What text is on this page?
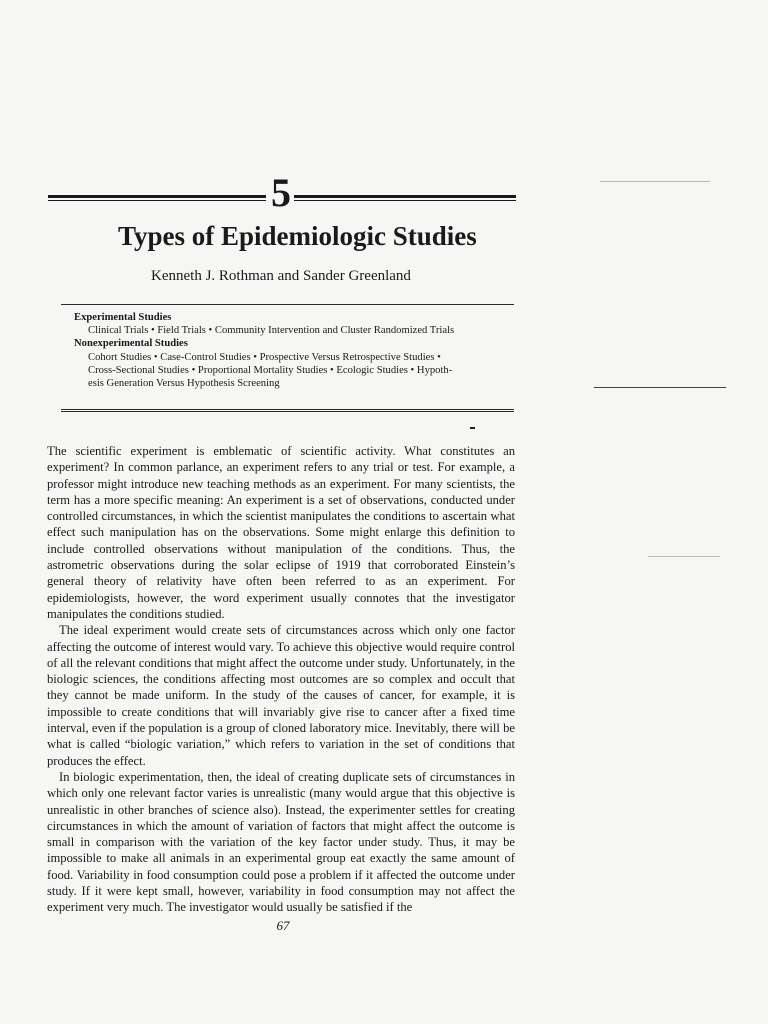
5
Types of Epidemiologic Studies
Kenneth J. Rothman and Sander Greenland
Experimental Studies
Clinical Trials • Field Trials • Community Intervention and Cluster Randomized Trials
Nonexperimental Studies
Cohort Studies • Case-Control Studies • Prospective Versus Retrospective Studies •
Cross-Sectional Studies • Proportional Mortality Studies • Ecologic Studies • Hypoth-
esis Generation Versus Hypothesis Screening

The scientific experiment is emblematic of scientific activity. What constitutes an experiment? In common parlance, an experiment refers to any trial or test. For example, a professor might introduce new teaching methods as an experiment. For many scientists, the term has a more specific meaning: An experiment is a set of observations, conducted under controlled circumstances, in which the scientist manipulates the conditions to ascertain what effect such manipulation has on the observations. Some might enlarge this definition to include controlled observations without manipulation of the conditions. Thus, the astrometric observations during the solar eclipse of 1919 that corroborated Einstein’s general theory of relativity have often been referred to as an experiment. For epidemiologists, however, the word experiment usually connotes that the investigator manipulates the conditions studied.

The ideal experiment would create sets of circumstances across which only one factor affecting the outcome of interest would vary. To achieve this objective would require control of all the relevant conditions that might affect the outcome under study. Unfortunately, in the biologic sciences, the conditions affecting most outcomes are so complex and occult that they cannot be made uniform. In the study of the causes of cancer, for example, it is impossible to create conditions that will invariably give rise to cancer after a fixed time interval, even if the population is a group of cloned laboratory mice. Inevitably, there will be what is called “biologic variation,” which refers to variation in the set of conditions that produces the effect.

In biologic experimentation, then, the ideal of creating duplicate sets of circumstances in which only one relevant factor varies is unrealistic (many would argue that this objective is unrealistic in other branches of science also). Instead, the experimenter settles for creating circumstances in which the amount of variation of factors that might affect the outcome is small in comparison with the variation of the key factor under study. Thus, it may be impossible to make all animals in an experimental group eat exactly the same amount of food. Variability in food consumption could pose a problem if it affected the outcome under study. If it were kept small, however, variability in food consumption may not affect the experiment very much. The investigator would usually be satisfied if the

67
